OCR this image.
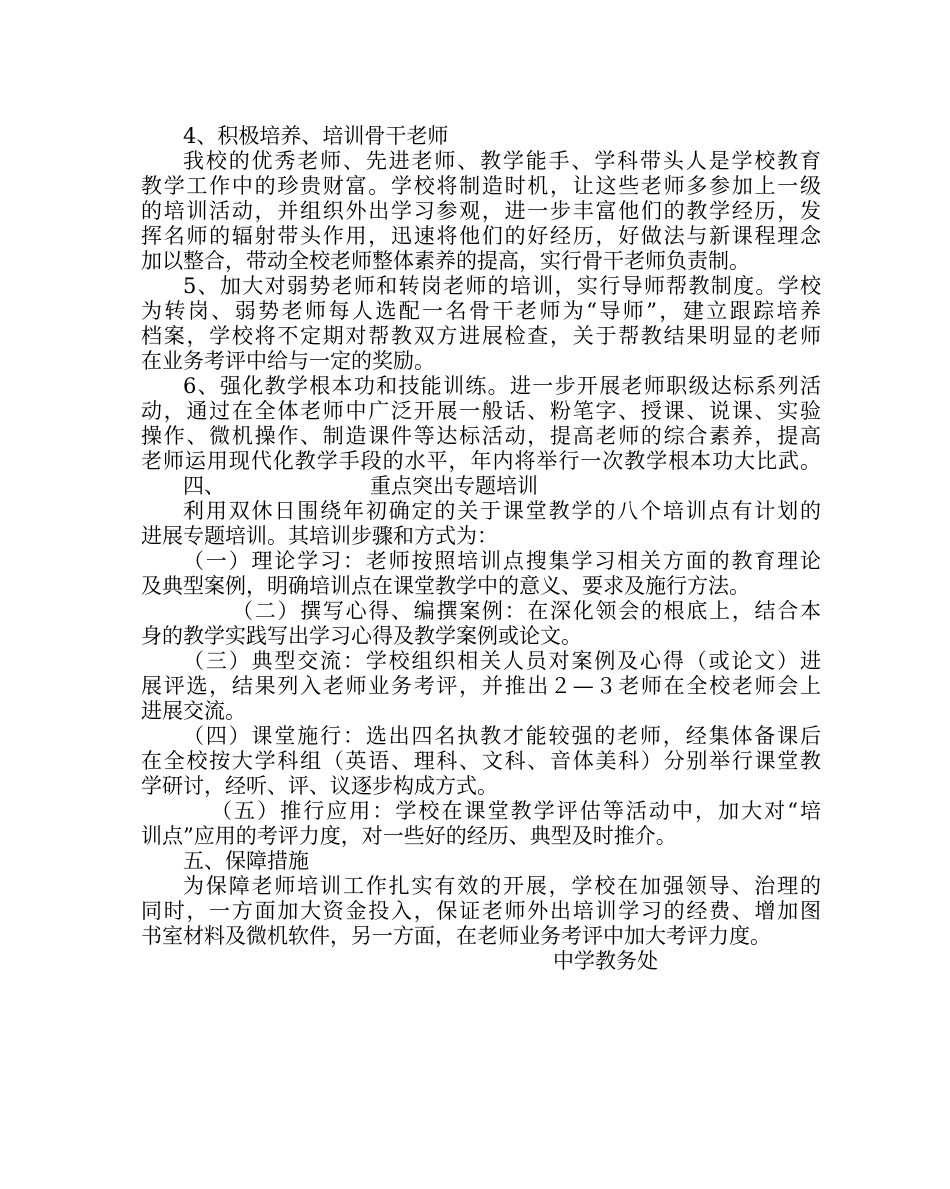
4、积极培养、培训骨干老师
我校的优秀老师、先进老师、教学能手、学科带头人是学校教育
教学工作中的珍贵财富。学校将制造时机，让这些老师多参加上一级
的培训活动，并组织外出学习参观，进一步丰富他们的教学经历，发
挥名师的辐射带头作用，迅速将他们的好经历，好做法与新课程理念
加以整合，带动全校老师整体素养的提高，实行骨干老师负责制。
5、加大对弱势老师和转岗老师的培训，实行导师帮教制度。学校
为转岗、弱势老师每人选配一名骨干老师为“导师”，建立跟踪培养
档案，学校将不定期对帮教双方进展检查，关于帮教结果明显的老师
在业务考评中给与一定的奖励。
6、强化教学根本功和技能训练。进一步开展老师职级达标系列活
动，通过在全体老师中广泛开展一般话、粉笔字、授课、说课、实验
操作、微机操作、制造课件等达标活动，提高老师的综合素养，提高
老师运用现代化教学手段的水平，年内将举行一次教学根本功大比武。
四、	重点突出专题培训
利用双休日围绕年初确定的关于课堂教学的八个培训点有计划的
进展专题培训。其培训步骤和方式为：
（一）理论学习：老师按照培训点搜集学习相关方面的教育理论
及典型案例，明确培训点在课堂教学中的意义、要求及施行方法。
（二）撰写心得、编撰案例：在深化领会的根底上，结合本
身的教学实践写出学习心得及教学案例或论文。
（三）典型交流：学校组织相关人员对案例及心得（或论文）进
展评选，结果列入老师业务考评，并推出２—３老师在全校老师会上
进展交流。
（四）课堂施行：选出四名执教才能较强的老师，经集体备课后
在全校按大学科组（英语、理科、文科、音体美科）分别举行课堂教
学研讨，经听、评、议逐步构成方式。
（五）推行应用：学校在课堂教学评估等活动中，加大对“培
训点”应用的考评力度，对一些好的经历、典型及时推介。
五、保障措施
为保障老师培训工作扎实有效的开展，学校在加强领导、治理的
同时，一方面加大资金投入，保证老师外出培训学习的经费、增加图
书室材料及微机软件，另一方面，在老师业务考评中加大考评力度。
中学教务处
